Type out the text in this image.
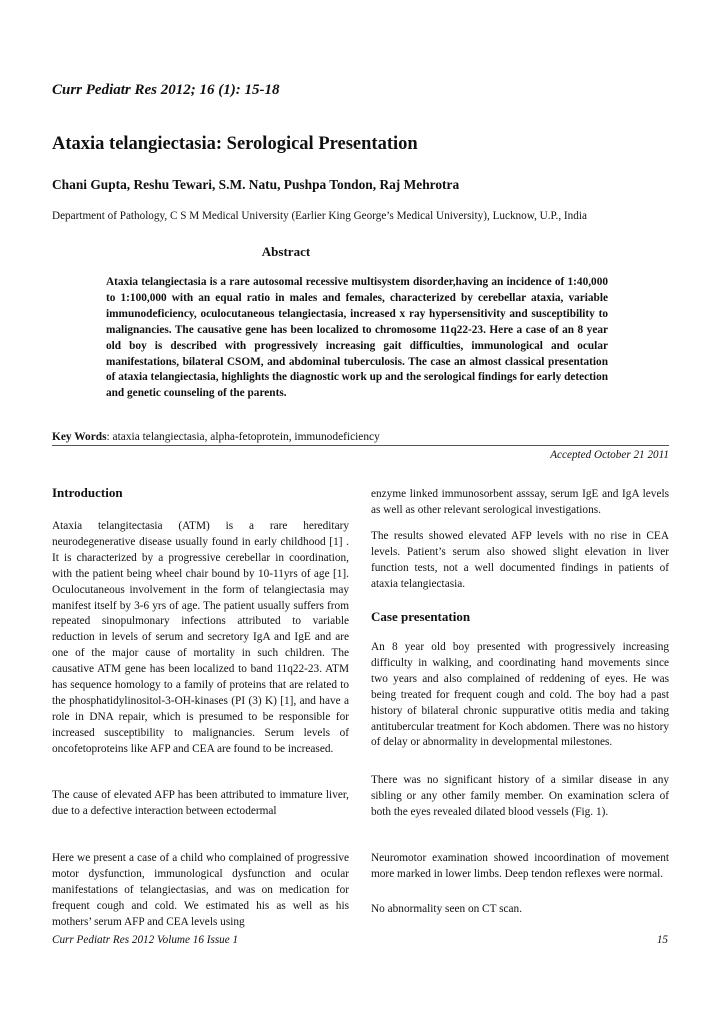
Curr Pediatr Res 2012; 16 (1): 15-18
Ataxia telangiectasia: Serological Presentation
Chani Gupta, Reshu Tewari, S.M. Natu, Pushpa Tondon, Raj Mehrotra
Department of Pathology, C S M Medical University (Earlier King George’s Medical University), Lucknow, U.P., India
Abstract
Ataxia telangiectasia is a rare autosomal recessive multisystem disorder,having an incidence of 1:40,000 to 1:100,000 with an equal ratio in males and females, characterized by cerebellar ataxia, variable immunodeficiency, oculocutaneous telangiectasia, increased x ray hypersensitivity and susceptibility to malignancies. The causative gene has been localized to chromosome 11q22-23. Here a case of an 8 year old boy is described with progressively increasing gait difficulties, immunological and ocular manifestations, bilateral CSOM, and abdominal tuberculosis. The case an almost classical presentation of ataxia telangiectasia, highlights the diagnostic work up and the serological findings for early detection and genetic counseling of the parents.
Key Words: ataxia telangiectasia, alpha-fetoprotein, immunodeficiency
Accepted October 21 2011
Introduction

Ataxia telangitectasia (ATM) is a rare hereditary neurodegenerative disease usually found in early childhood [1] . It is characterized by a progressive cerebellar in coordination, with the patient being wheel chair bound by 10-11yrs of age [1]. Oculocutaneous involvement in the form of telangiectasia may manifest itself by 3-6 yrs of age. The patient usually suffers from repeated sinopulmonary infections attributed to variable reduction in levels of serum and secretory IgA and IgE and are one of the major cause of mortality in such children. The causative ATM gene has been localized to band 11q22-23. ATM has sequence homology to a family of proteins that are related to the phosphatidylinositol-3-OH-kinases (PI (3) K) [1], and have a role in DNA repair, which is presumed to be responsible for increased susceptibility to malignancies. Serum levels of oncofetoproteins like AFP and CEA are found to be increased.

The cause of elevated AFP has been attributed to immature liver, due to a defective interaction between ectodermal

Here we present a case of a child who complained of progressive motor dysfunction, immunological dysfunction and ocular manifestations of telangiectasias, and was on medication for frequent cough and cold. We estimated his as well as his mothers’ serum AFP and CEA levels using

enzyme linked immunosorbent asssay, serum IgE and IgA levels as well as other relevant serological investigations.

The results showed elevated AFP levels with no rise in CEA levels. Patient’s serum also showed slight elevation in liver function tests, not a well documented findings in patients of ataxia telangiectasia.

Case presentation

An 8 year old boy presented with progressively increasing difficulty in walking, and coordinating hand movements since two years and also complained of reddening of eyes. He was being treated for frequent cough and cold. The boy had a past history of bilateral chronic suppurative otitis media and taking antitubercular treatment for Koch abdomen. There was no history of delay or abnormality in developmental milestones.

There was no significant history of a similar disease in any sibling or any other family member. On examination sclera of both the eyes revealed dilated blood vessels (Fig. 1).

Neuromotor examination showed incoordination of movement more marked in lower limbs. Deep tendon reflexes were normal.

No abnormality seen on CT scan.

Curr Pediatr Res 2012 Volume 16 Issue 1	15
